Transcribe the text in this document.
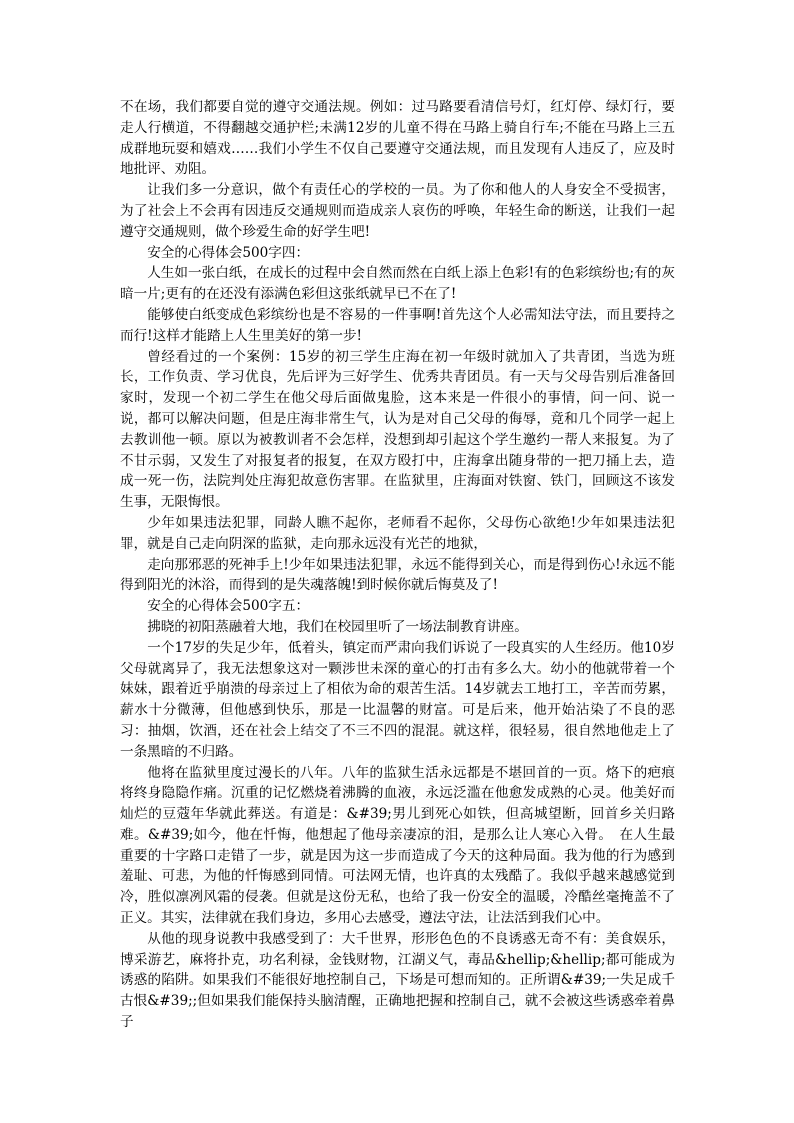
不在场，我们都要自觉的遵守交通法规。例如：过马路要看清信号灯，红灯停、绿灯行，要走人行横道，不得翻越交通护栏;未满12岁的儿童不得在马路上骑自行车;不能在马路上三五成群地玩耍和嬉戏……我们小学生不仅自己要遵守交通法规，而且发现有人违反了，应及时地批评、劝阻。

让我们多一分意识，做个有责任心的学校的一员。为了你和他人的人身安全不受损害，为了社会上不会再有因违反交通规则而造成亲人哀伤的呼唤，年轻生命的断送，让我们一起遵守交通规则，做个珍爱生命的好学生吧!

安全的心得体会500字四：

人生如一张白纸，在成长的过程中会自然而然在白纸上添上色彩!有的色彩缤纷也;有的灰暗一片;更有的在还没有添满色彩但这张纸就早已不在了!

能够使白纸变成色彩缤纷也是不容易的一件事啊!首先这个人必需知法守法，而且要持之而行!这样才能踏上人生里美好的第一步!

曾经看过的一个案例：15岁的初三学生庄海在初一年级时就加入了共青团，当选为班长，工作负责、学习优良，先后评为三好学生、优秀共青团员。有一天与父母告别后准备回家时，发现一个初二学生在他父母后面做鬼脸，这本来是一件很小的事情，问一问、说一说，都可以解决问题，但是庄海非常生气，认为是对自己父母的侮辱，竟和几个同学一起上去教训他一顿。原以为被教训者不会怎样，没想到却引起这个学生邀约一帮人来报复。为了不甘示弱，又发生了对报复者的报复，在双方殴打中，庄海拿出随身带的一把刀捅上去，造成一死一伤，法院判处庄海犯故意伤害罪。在监狱里，庄海面对铁窗、铁门，回顾这不该发生事，无限悔恨。

少年如果违法犯罪，同龄人瞧不起你，老师看不起你，父母伤心欲绝!少年如果违法犯罪，就是自己走向阴深的监狱，走向那永远没有光芒的地狱，

走向那邪恶的死神手上!少年如果违法犯罪，永远不能得到关心，而是得到伤心!永远不能得到阳光的沐浴，而得到的是失魂落魄!到时候你就后悔莫及了!

安全的心得体会500字五：

拂晓的初阳蒸融着大地，我们在校园里听了一场法制教育讲座。

一个17岁的失足少年，低着头，镇定而严肃向我们诉说了一段真实的人生经历。他10岁父母就离异了，我无法想象这对一颗涉世未深的童心的打击有多么大。幼小的他就带着一个妹妹，跟着近乎崩溃的母亲过上了相依为命的艰苦生活。14岁就去工地打工，辛苦而劳累，薪水十分微薄，但他感到快乐，那是一比温馨的财富。可是后来，他开始沾染了不良的恶习：抽烟，饮酒，还在社会上结交了不三不四的混混。就这样，很轻易，很自然地他走上了一条黑暗的不归路。

他将在监狱里度过漫长的八年。八年的监狱生活永远都是不堪回首的一页。烙下的疤痕将终身隐隐作痛。沉重的记忆燃烧着沸腾的血液，永远泛滥在他愈发成熟的心灵。他美好而灿烂的豆蔻年华就此葬送。有道是：&#39;男儿到死心如铁，但高城望断，回首乡关归路难。&#39;如今，他在忏悔，他想起了他母亲凄凉的泪，是那么让人寒心入骨。　在人生最重要的十字路口走错了一步，就是因为这一步而造成了今天的这种局面。我为他的行为感到羞耻、可悲，为他的忏悔感到同情。可法网无情，也许真的太残酷了。我似乎越来越感觉到冷，胜似凛冽风霜的侵袭。但就是这份无私，也给了我一份安全的温暖，冷酷丝毫掩盖不了正义。其实，法律就在我们身边，多用心去感受，遵法守法，让法活到我们心中。

从他的现身说教中我感受到了：大千世界，形形色色的不良诱惑无奇不有：美食娱乐，博采游艺，麻将扑克，功名利禄，金钱财物，江湖义气，毒品&hellip;&hellip;都可能成为诱惑的陷阱。如果我们不能很好地控制自己，下场是可想而知的。正所谓&#39;一失足成千古恨&#39;;但如果我们能保持头脑清醒，正确地把握和控制自己，就不会被这些诱惑牵着鼻子
